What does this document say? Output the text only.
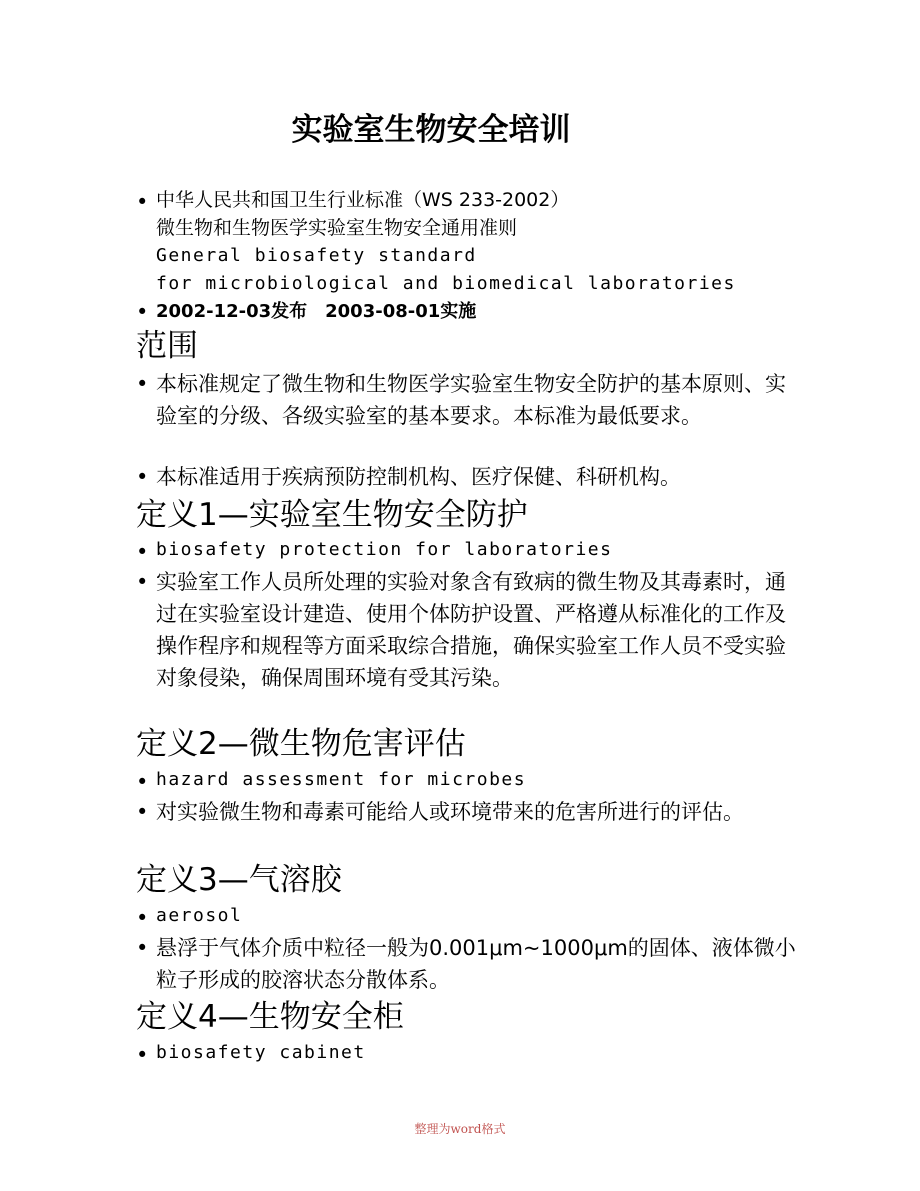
实验室生物安全培训
• 中华人民共和国卫生行业标准（WS 233-2002）
微生物和生物医学实验室生物安全通用准则
General biosafety standard
for microbiological and biomedical laboratories
• 2002-12-03发布　2003-08-01实施
范围
• 本标准规定了微生物和生物医学实验室生物安全防护的基本原则、实验室的分级、各级实验室的基本要求。本标准为最低要求。
• 本标准适用于疾病预防控制机构、医疗保健、科研机构。
定义1—实验室生物安全防护
• biosafety protection for laboratories
• 实验室工作人员所处理的实验对象含有致病的微生物及其毒素时，通过在实验室设计建造、使用个体防护设置、严格遵从标准化的工作及操作程序和规程等方面采取综合措施，确保实验室工作人员不受实验对象侵染，确保周围环境有受其污染。
定义2—微生物危害评估
• hazard assessment for microbes
• 对实验微生物和毒素可能给人或环境带来的危害所进行的评估。
定义3—气溶胶
• aerosol
• 悬浮于气体介质中粒径一般为0.001μm~1000μm的固体、液体微小粒子形成的胶溶状态分散体系。
定义4—生物安全柜
• biosafety cabinet
整理为word格式
